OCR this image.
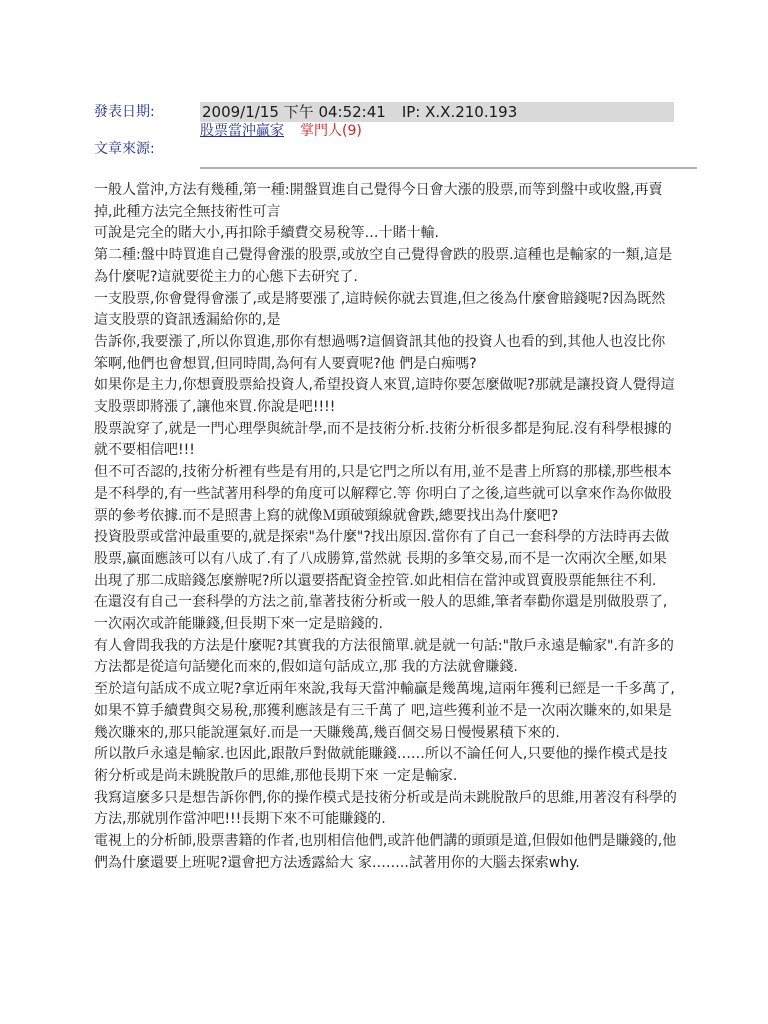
發表日期:	2009/1/15 下午 04:52:41 IP: X.X.210.193
文章來源:
股票當沖贏家 掌門人(9)

一般人當沖,方法有幾種,第一種:開盤買進自己覺得今日會大漲的股票,而等到盤中或收盤,再賣掉,此種方法完全無技術性可言

可說是完全的賭大小,再扣除手續費交易稅等…十賭十輸.

第二種:盤中時買進自己覺得會漲的股票,或放空自己覺得會跌的股票.這種也是輸家的一類,這是為什麼呢?這就要從主力的心態下去研究了.

一支股票,你會覺得會漲了,或是將要漲了,這時候你就去買進,但之後為什麼會賠錢呢?因為既然這支股票的資訊透漏給你的,是

告訴你,我要漲了,所以你買進,那你有想過嗎?這個資訊其他的投資人也看的到,其他人也沒比你笨啊,他們也會想買,但同時間,為何有人要賣呢?他 們是白痴嗎?

如果你是主力,你想賣股票給投資人,希望投資人來買,這時你要怎麼做呢?那就是讓投資人覺得這支股票即將漲了,讓他來買.你說是吧!!!!

股票說穿了,就是一門心理學與統計學,而不是技術分析.技術分析很多都是狗屁.沒有科學根據的就不要相信吧!!!

但不可否認的,技術分析裡有些是有用的,只是它門之所以有用,並不是書上所寫的那樣,那些根本是不科學的,有一些試著用科學的角度可以解釋它.等 你明白了之後,這些就可以拿來作為你做股票的參考依據.而不是照書上寫的就像Ｍ頭破頸線就會跌,總要找出為什麼吧?

投資股票或當沖最重要的,就是探索"為什麼"?找出原因.當你有了自己一套科學的方法時再去做股票,贏面應該可以有八成了.有了八成勝算,當然就 長期的多筆交易,而不是一次兩次全壓,如果出現了那二成賠錢怎麼辦呢?所以還要搭配資金控管.如此相信在當沖或買賣股票能無往不利.

在還沒有自己一套科學的方法之前,靠著技術分析或一般人的思維,筆者奉勸你還是別做股票了,一次兩次或許能賺錢,但長期下來一定是賠錢的.

有人會問我我的方法是什麼呢?其實我的方法很簡單.就是就一句話:"散戶永遠是輸家".有許多的方法都是從這句話變化而來的,假如這句話成立,那 我的方法就會賺錢.

至於這句話成不成立呢?拿近兩年來說,我每天當沖輸贏是幾萬塊,這兩年獲利已經是一千多萬了,如果不算手續費與交易稅,那獲利應該是有三千萬了 吧,這些獲利並不是一次兩次賺來的,如果是幾次賺來的,那只能說運氣好.而是一天賺幾萬,幾百個交易日慢慢累積下來的.

所以散戶永遠是輸家.也因此,跟散戶對做就能賺錢……所以不論任何人,只要他的操作模式是技術分析或是尚未跳脫散戶的思維,那他長期下來 一定是輸家.

我寫這麼多只是想告訴你們,你的操作模式是技術分析或是尚未跳脫散戶的思維,用著沒有科學的方法,那就別作當沖吧!!!長期下來不可能賺錢的.

電視上的分析師,股票書籍的作者,也別相信他們,或許他們講的頭頭是道,但假如他們是賺錢的,他們為什麼還要上班呢?還會把方法透露給大 家……..試著用你的大腦去探索why.
